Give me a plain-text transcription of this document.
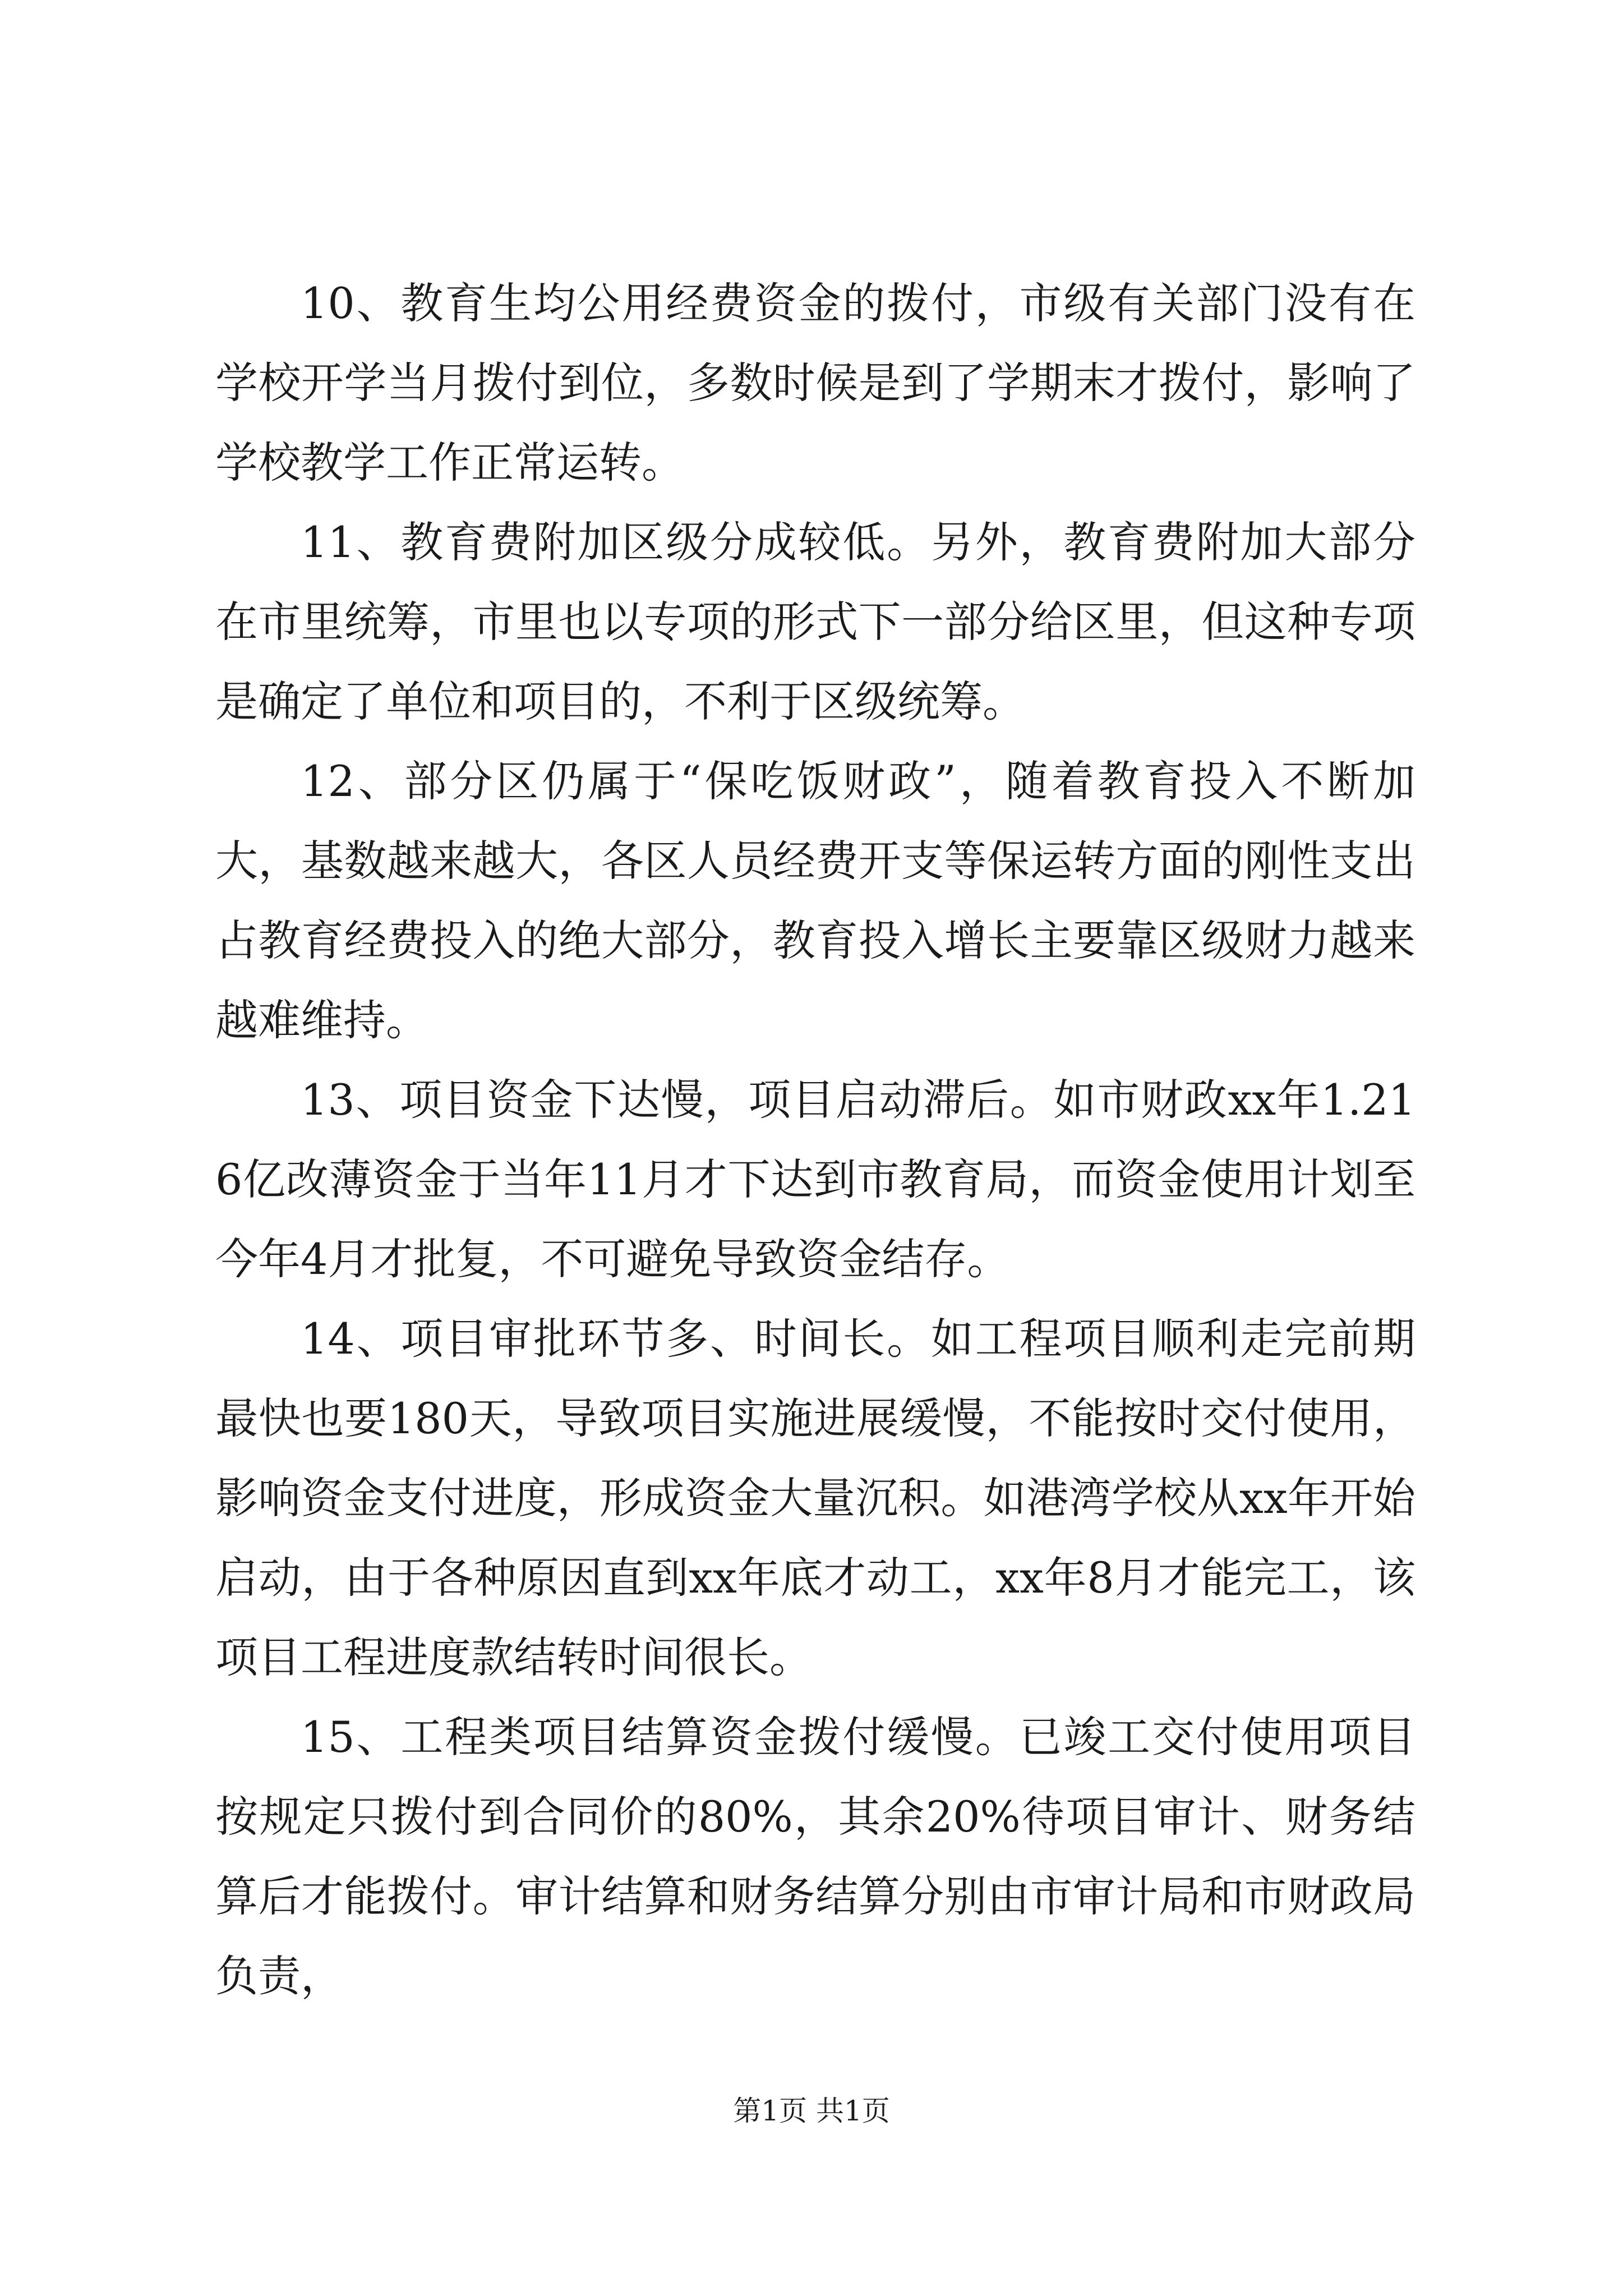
10、教育生均公用经费资金的拨付，市级有关部门没有在学校开学当月拨付到位，多数时候是到了学期末才拨付，影响了学校教学工作正常运转。

11、教育费附加区级分成较低。另外，教育费附加大部分在市里统筹，市里也以专项的形式下一部分给区里，但这种专项是确定了单位和项目的，不利于区级统筹。

12、部分区仍属于“保吃饭财政”，随着教育投入不断加大，基数越来越大，各区人员经费开支等保运转方面的刚性支出占教育经费投入的绝大部分，教育投入增长主要靠区级财力越来越难维持。

13、项目资金下达慢，项目启动滞后。如市财政xx年1.216亿改薄资金于当年11月才下达到市教育局，而资金使用计划至今年4月才批复，不可避免导致资金结存。

14、项目审批环节多、时间长。如工程项目顺利走完前期最快也要180天，导致项目实施进展缓慢，不能按时交付使用，影响资金支付进度，形成资金大量沉积。如港湾学校从xx年开始启动，由于各种原因直到xx年底才动工，xx年8月才能完工，该项目工程进度款结转时间很长。

15、工程类项目结算资金拨付缓慢。已竣工交付使用项目按规定只拨付到合同价的80%，其余20%待项目审计、财务结算后才能拨付。审计结算和财务结算分别由市审计局和市财政局负责，

第1页 共1页
